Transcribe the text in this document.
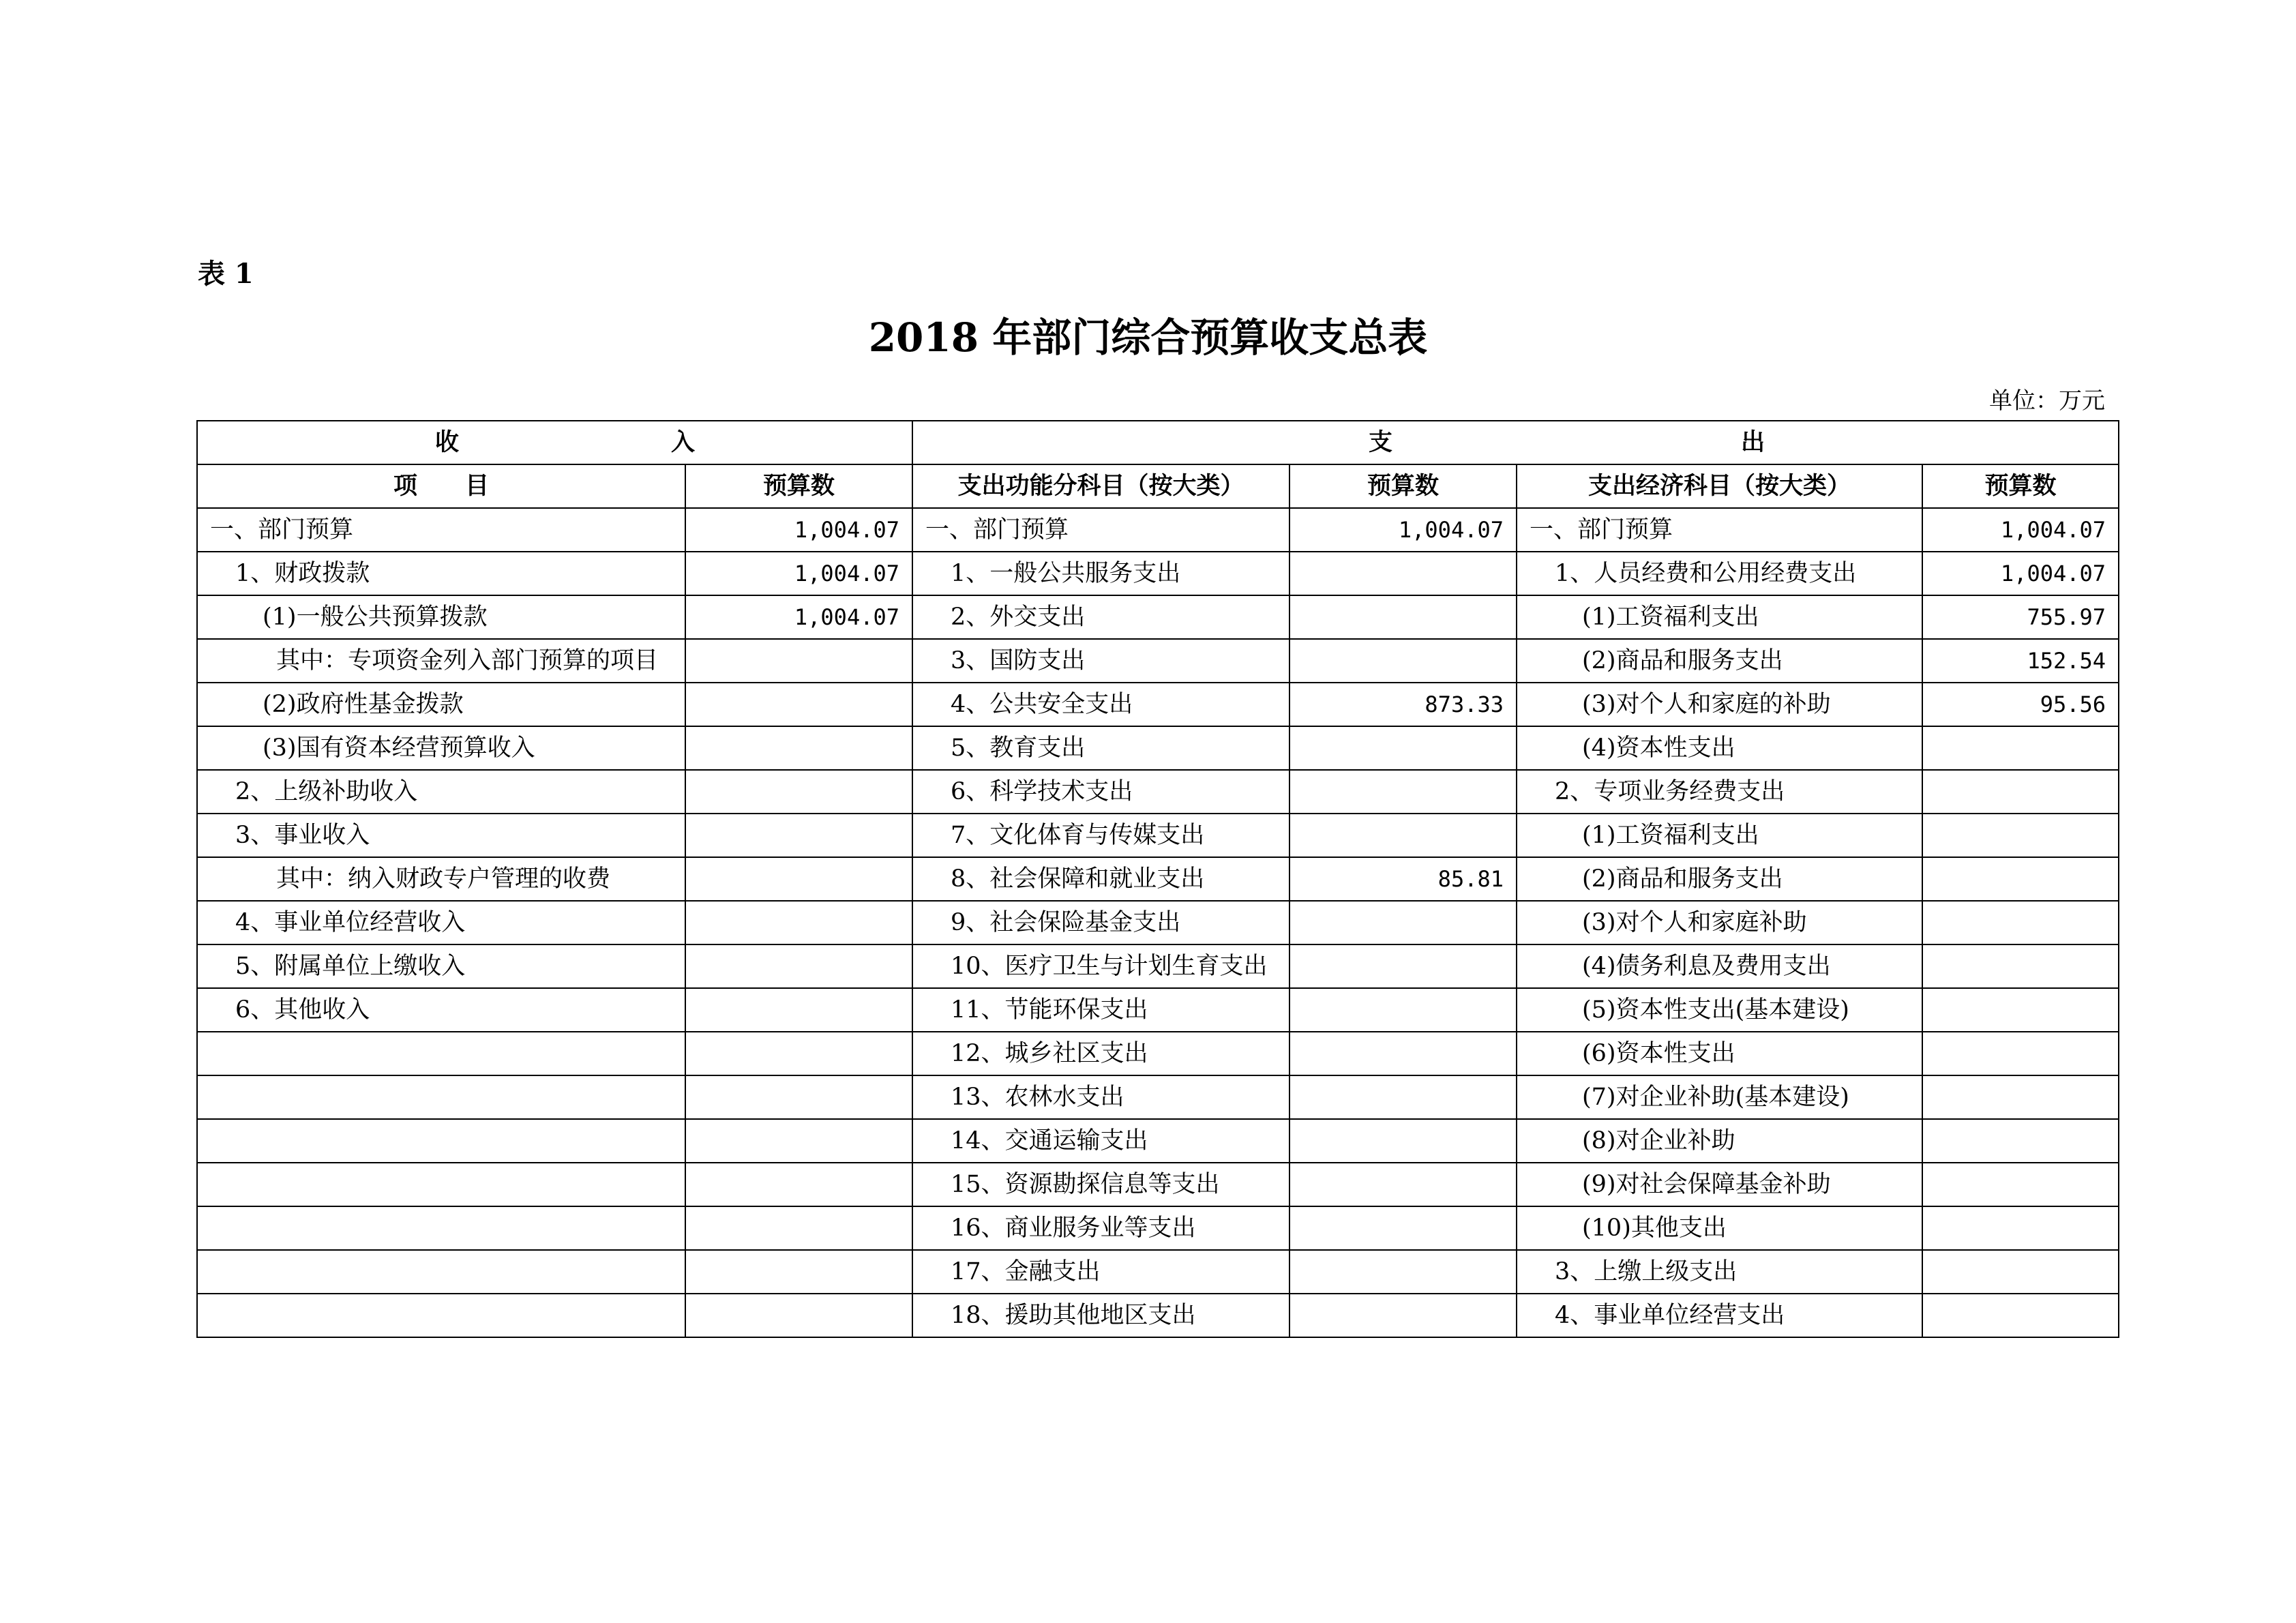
表 1
2018 年部门综合预算收支总表
单位：万元
收 入		支 出			

项　　目	预算数	支出功能分科目（按大类）	预算数	支出经济科目（按大类）	预算数
一、部门预算	1,004.07	一、部门预算	1,004.07	一、部门预算	1,004.07
1、财政拨款	1,004.07	1、一般公共服务支出		1、人员经费和公用经费支出	1,004.07
(1)一般公共预算拨款	1,004.07	2、外交支出		(1)工资福利支出	755.97
其中：专项资金列入部门预算的项目		3、国防支出		(2)商品和服务支出	152.54
(2)政府性基金拨款		4、公共安全支出	873.33	(3)对个人和家庭的补助	95.56
(3)国有资本经营预算收入		5、教育支出		(4)资本性支出	
2、上级补助收入		6、科学技术支出		2、专项业务经费支出	
3、事业收入		7、文化体育与传媒支出		(1)工资福利支出	
其中：纳入财政专户管理的收费		8、社会保障和就业支出	85.81	(2)商品和服务支出	
4、事业单位经营收入		9、社会保险基金支出		(3)对个人和家庭补助	
5、附属单位上缴收入		10、医疗卫生与计划生育支出		(4)债务利息及费用支出	
6、其他收入		11、节能环保支出		(5)资本性支出(基本建设)	
		12、城乡社区支出		(6)资本性支出	
		13、农林水支出		(7)对企业补助(基本建设)	
		14、交通运输支出		(8)对企业补助	
		15、资源勘探信息等支出		(9)对社会保障基金补助	
		16、商业服务业等支出		(10)其他支出	
		17、金融支出		3、上缴上级支出	
		18、援助其他地区支出		4、事业单位经营支出	
